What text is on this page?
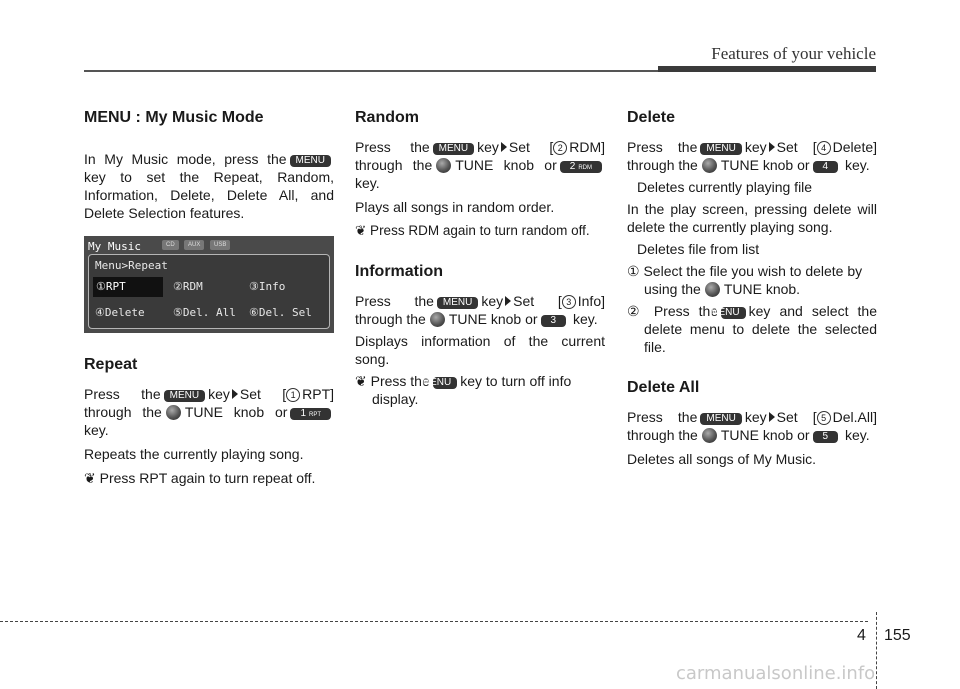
Features of your vehicle
MENU : My Music Mode

In My Music mode, press the MENU key to set the Repeat, Random, Information, Delete, Delete All, and Delete Selection features.

My Music	CD	AUX	USB
Menu>Repeat
①RPT	②RDM	③Info
④Delete	⑤Del. All ⑥Del. Sel
Repeat

Press the MENU key Set [ 1 RPT] through the TUNE knob or 1 RPT key.

Repeats the currently playing song.

❦ Press RPT again to turn repeat off.

Random

Press the MENU key Set [ 2 RDM] through the TUNE knob or 2 RDM key.

Plays all songs in random order.

❦ Press RDM again to turn random off.

Information

Press the MENU key Set [ 3 Info] through the TUNE knob or 3 key.

Displays information of the current song.

❦ Press theMENU key to turn off info display.

Delete

Press the MENU key Set [ 4 Delete] through the TUNE knob or 4 key.

Deletes currently playing file

In the play screen, pressing delete will delete the currently playing song.

Deletes file from list

① Select the file you wish to delete by using the TUNE knob.

② Press theMENU key and select the delete menu to delete the selected file.

Delete All

Press the MENU key Set [ 5 Del.All] through the TUNE knob or 5 key.

Deletes all songs of My Music.

4 155
carmanualsonline.info
